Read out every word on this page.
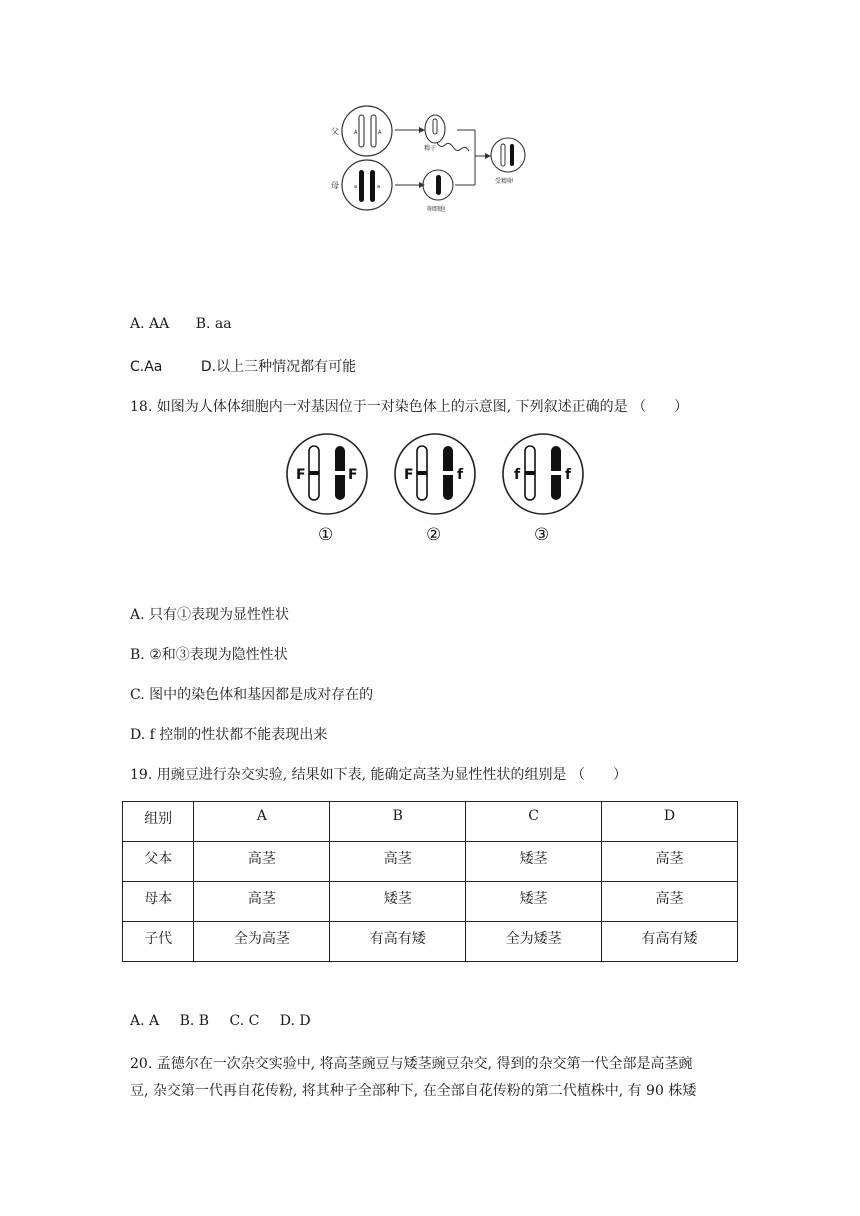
A	A
父
a	a
母
精子
卵细胞
受精卵
A. AA B. aa
C.Aa	D.以上三种情况都有可能
18. 如图为人体体细胞内一对基因位于一对染色体上的示意图, 下列叙述正确的是 （　　）
F	F
①
F	f
②
f	f
③
A. 只有①表现为显性性状
B. ②和③表现为隐性性状
C. 图中的染色体和基因都是成对存在的
D. f 控制的性状都不能表现出来
19. 用豌豆进行杂交实验, 结果如下表, 能确定高茎为显性性状的组别是 （　　）
组别	A	B	C	D
父本	高茎	高茎	矮茎	高茎
母本	高茎	矮茎	矮茎	高茎
子代	全为高茎	有高有矮	全为矮茎	有高有矮
A. A B. B C. C D. D
20. 孟德尔在一次杂交实验中, 将高茎豌豆与矮茎豌豆杂交, 得到的杂交第一代全部是高茎豌
豆, 杂交第一代再自花传粉, 将其种子全部种下, 在全部自花传粉的第二代植株中, 有 90 株矮
